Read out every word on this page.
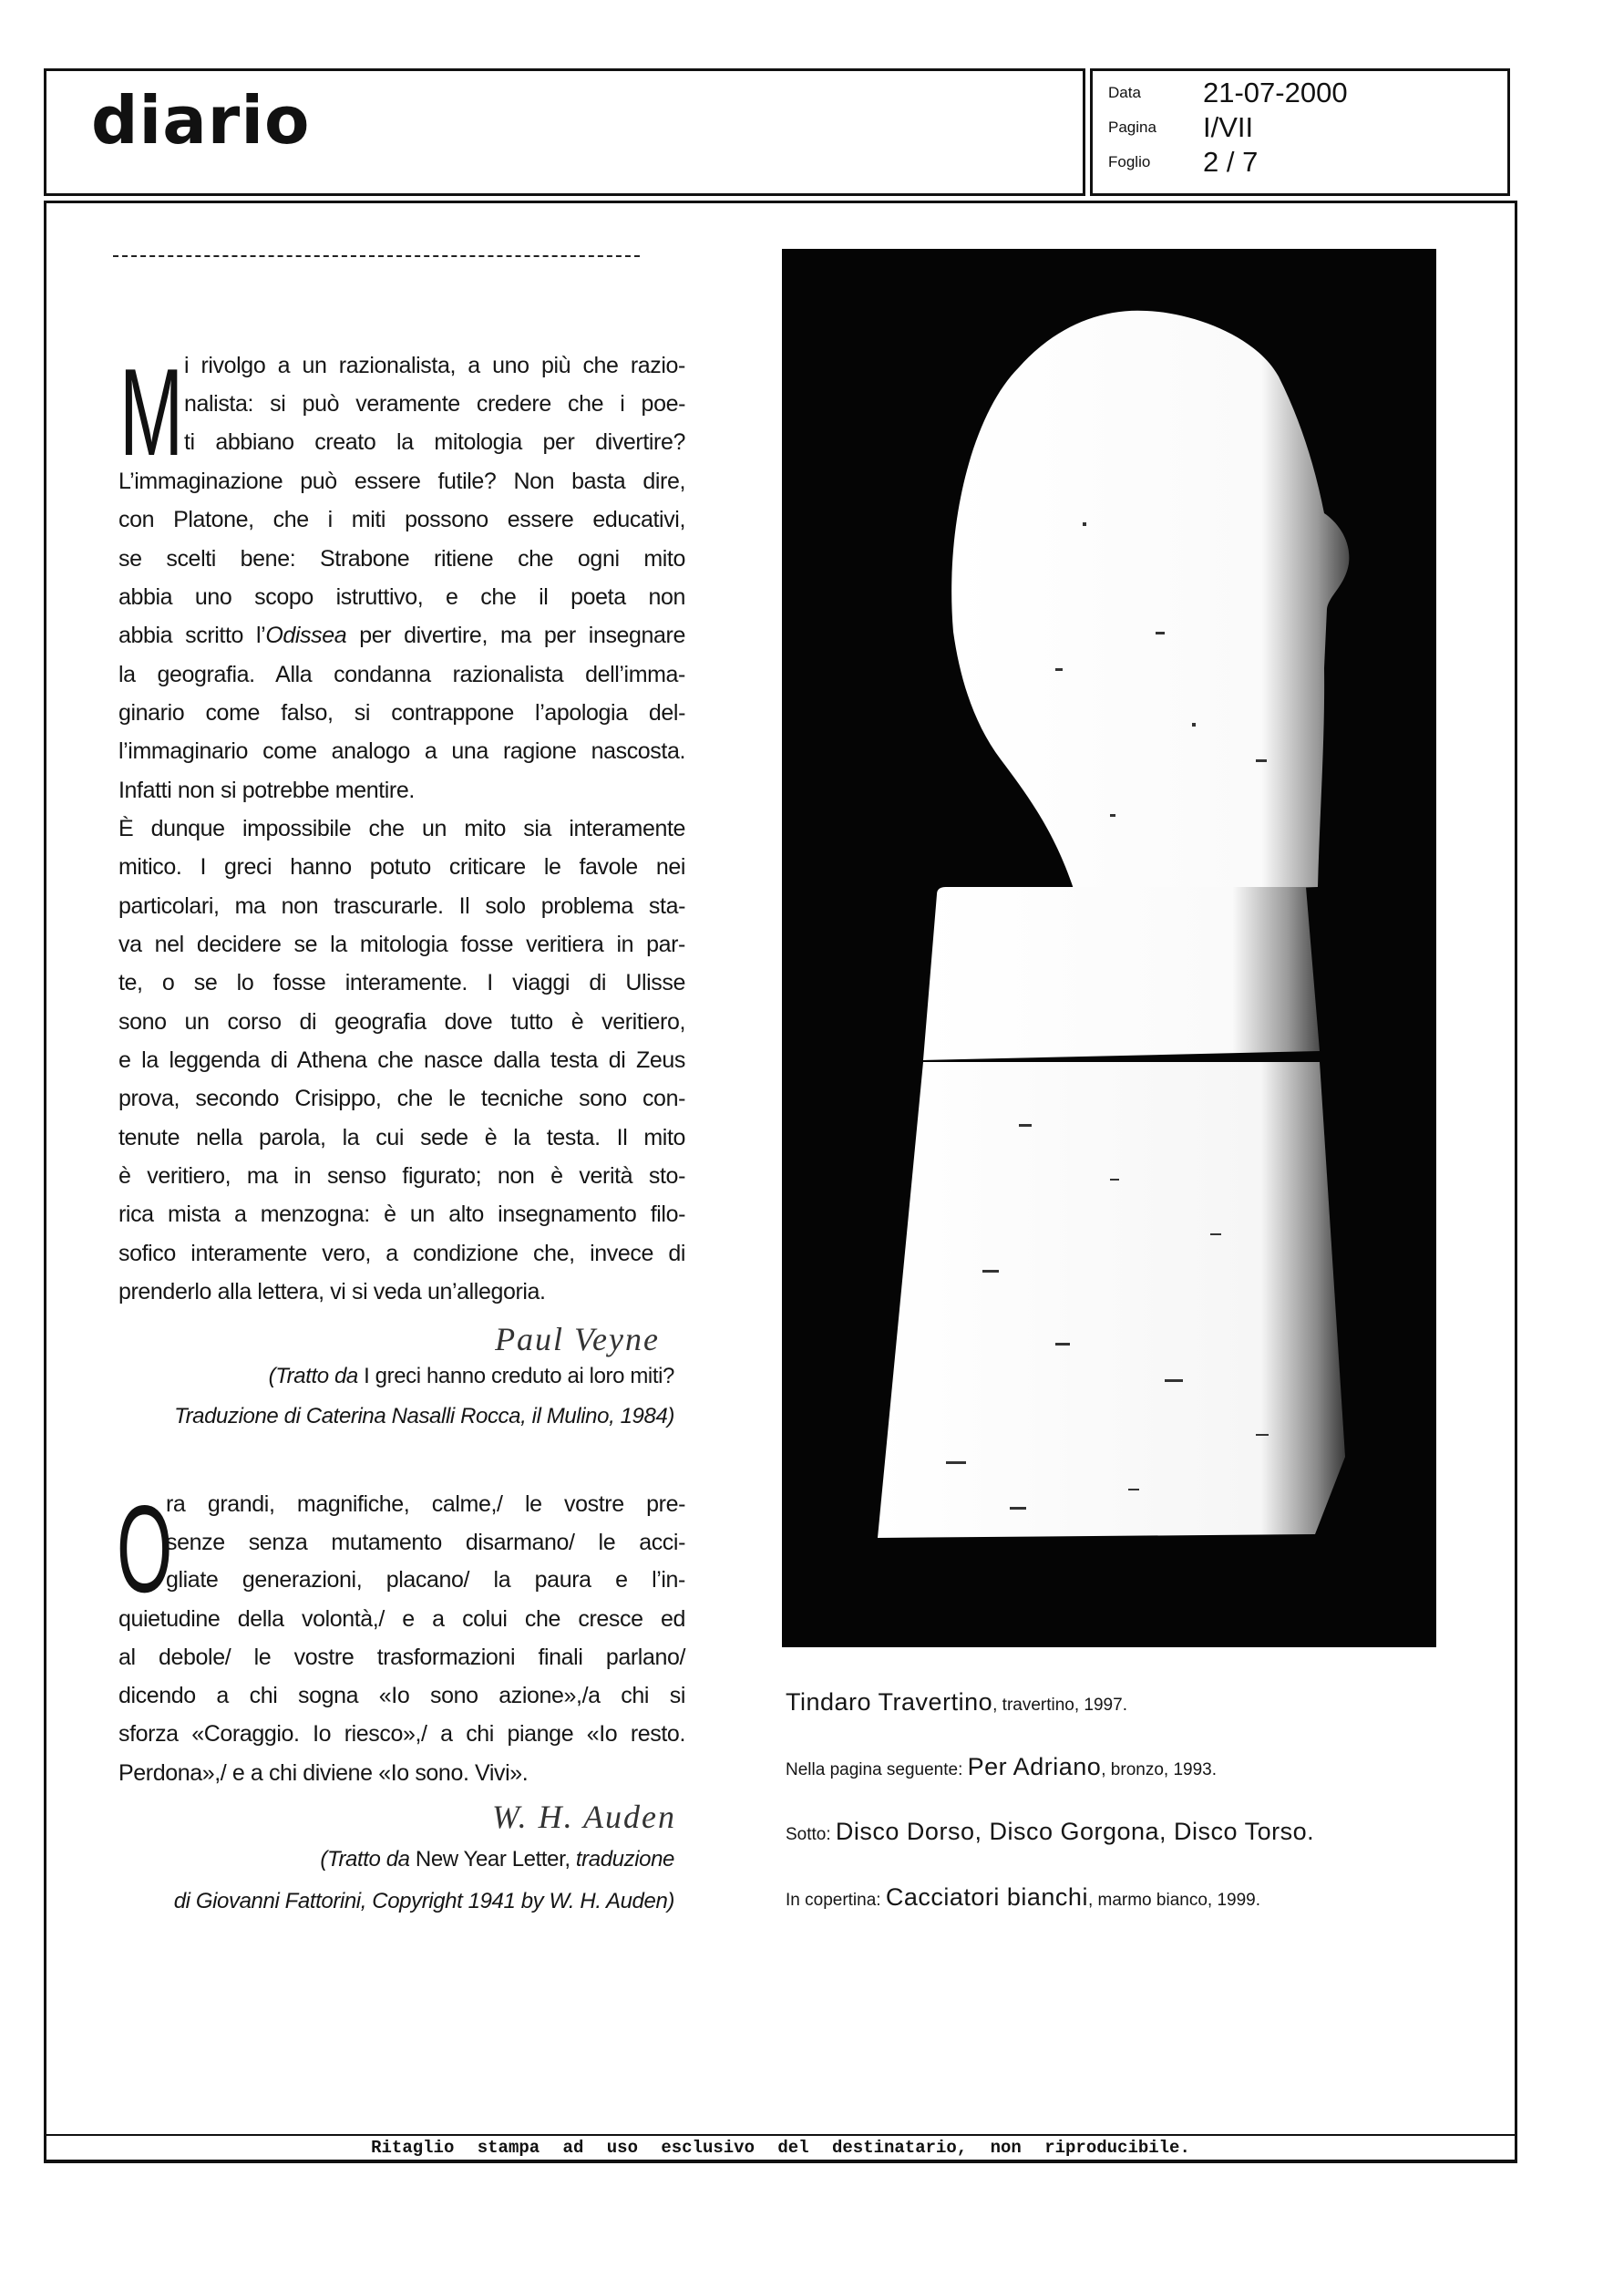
diario	Data 21-07-2000
Pagina I/VII
Foglio 2 / 7
M i rivolgo a un razionalista, a uno più che razio-
nalista: si può veramente credere che i poe-
ti abbiano creato la mitologia per divertire?
L’immaginazione può essere futile? Non basta dire,
con Platone, che i miti possono essere educativi,
se scelti bene: Strabone ritiene che ogni mito
abbia uno scopo istruttivo, e che il poeta non
abbia scritto l’Odissea per divertire, ma per insegnare
la geografia. Alla condanna razionalista dell’imma-
ginario come falso, si contrappone l’apologia del-
l’immaginario come analogo a una ragione nascosta.
Infatti non si potrebbe mentire.
È dunque impossibile che un mito sia interamente
mitico. I greci hanno potuto criticare le favole nei
particolari, ma non trascurarle. Il solo problema sta-
va nel decidere se la mitologia fosse veritiera in par-
te, o se lo fosse interamente. I viaggi di Ulisse
sono un corso di geografia dove tutto è veritiero,
e la leggenda di Athena che nasce dalla testa di Zeus
prova, secondo Crisippo, che le tecniche sono con-
tenute nella parola, la cui sede è la testa. Il mito
è veritiero, ma in senso figurato; non è verità sto-
rica mista a menzogna: è un alto insegnamento filo-
sofico interamente vero, a condizione che, invece di
prenderlo alla lettera, vi si veda un’allegoria.
Paul Veyne
(Tratto da I greci hanno creduto ai loro miti?
Traduzione di Caterina Nasalli Rocca, il Mulino, 1984)
O
ra grandi, magnifiche, calme,/ le vostre pre-
senze senza mutamento disarmano/ le acci-
gliate generazioni, placano/ la paura e l’in-
quietudine della volontà,/ e a colui che cresce ed
al debole/ le vostre trasformazioni finali parlano/
dicendo a chi sogna «Io sono azione»,/a chi si
sforza «Coraggio. Io riesco»,/ a chi piange «Io resto.
Perdona»,/ e a chi diviene «Io sono. Vivi».
W. H. Auden
(Tratto da New Year Letter, traduzione
di Giovanni Fattorini, Copyright 1941 by W. H. Auden)
Tindaro Travertino, travertino, 1997.
Nella pagina seguente: Per Adriano, bronzo, 1993.
Sotto: Disco Dorso, Disco Gorgona, Disco Torso.
In copertina: Cacciatori bianchi, marmo bianco, 1999.
Ritaglio stampa ad uso esclusivo del destinatario, non riproducibile.
